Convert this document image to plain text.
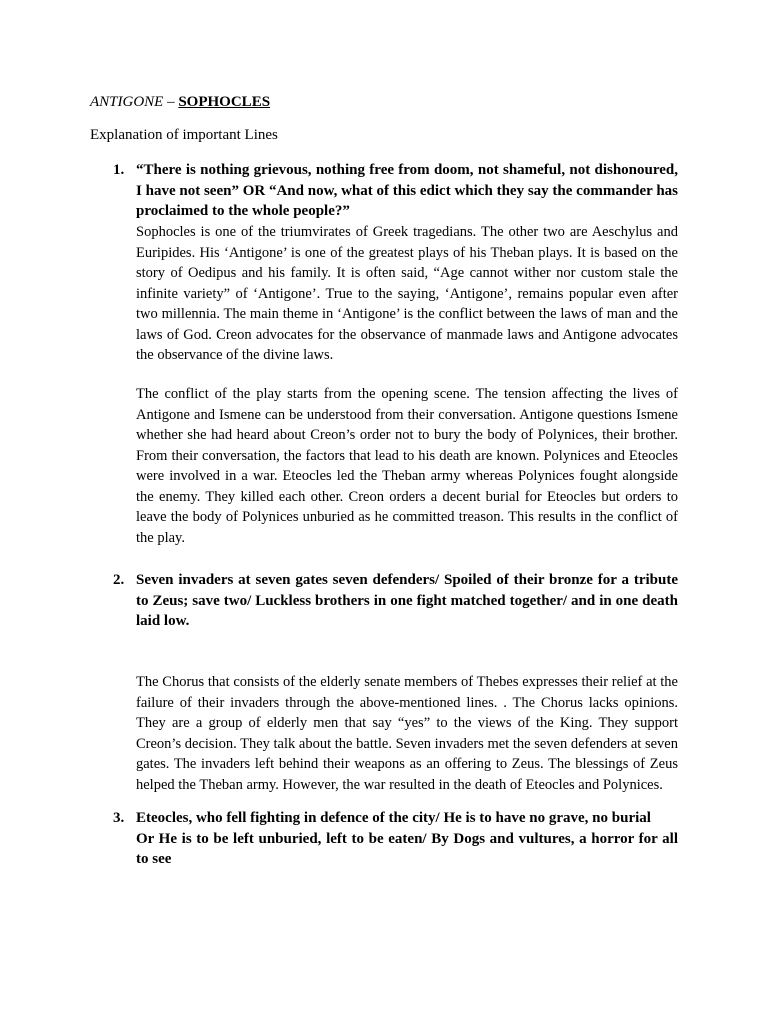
ANTIGONE – SOPHOCLES
Explanation of important Lines
1. “There is nothing grievous, nothing free from doom, not shameful, not dishonoured, I have not seen” OR “And now, what of this edict which they say the commander has proclaimed to the whole people?”
Sophocles is one of the triumvirates of Greek tragedians. The other two are Aeschylus and Euripides. His ‘Antigone’ is one of the greatest plays of his Theban plays. It is based on the story of Oedipus and his family. It is often said, “Age cannot wither nor custom stale the infinite variety” of ‘Antigone’. True to the saying, ‘Antigone’, remains popular even after two millennia. The main theme in ‘Antigone’ is the conflict between the laws of man and the laws of God. Creon advocates for the observance of manmade laws and Antigone advocates the observance of the divine laws.
The conflict of the play starts from the opening scene. The tension affecting the lives of Antigone and Ismene can be understood from their conversation. Antigone questions Ismene whether she had heard about Creon’s order not to bury the body of Polynices, their brother. From their conversation, the factors that lead to his death are known. Polynices and Eteocles were involved in a war. Eteocles led the Theban army whereas Polynices fought alongside the enemy. They killed each other. Creon orders a decent burial for Eteocles but orders to leave the body of Polynices unburied as he committed treason. This results in the conflict of the play.
2. Seven invaders at seven gates seven defenders/ Spoiled of their bronze for a tribute to Zeus; save two/ Luckless brothers in one fight matched together/ and in one death laid low.
The Chorus that consists of the elderly senate members of Thebes expresses their relief at the failure of their invaders through the above-mentioned lines. . The Chorus lacks opinions. They are a group of elderly men that say “yes” to the views of the King. They support Creon’s decision. They talk about the battle. Seven invaders met the seven defenders at seven gates. The invaders left behind their weapons as an offering to Zeus. The blessings of Zeus helped the Theban army. However, the war resulted in the death of Eteocles and Polynices.
3. Eteocles, who fell fighting in defence of the city/ He is to have no grave, no burial
Or He is to be left unburied, left to be eaten/ By Dogs and vultures, a horror for all to see
